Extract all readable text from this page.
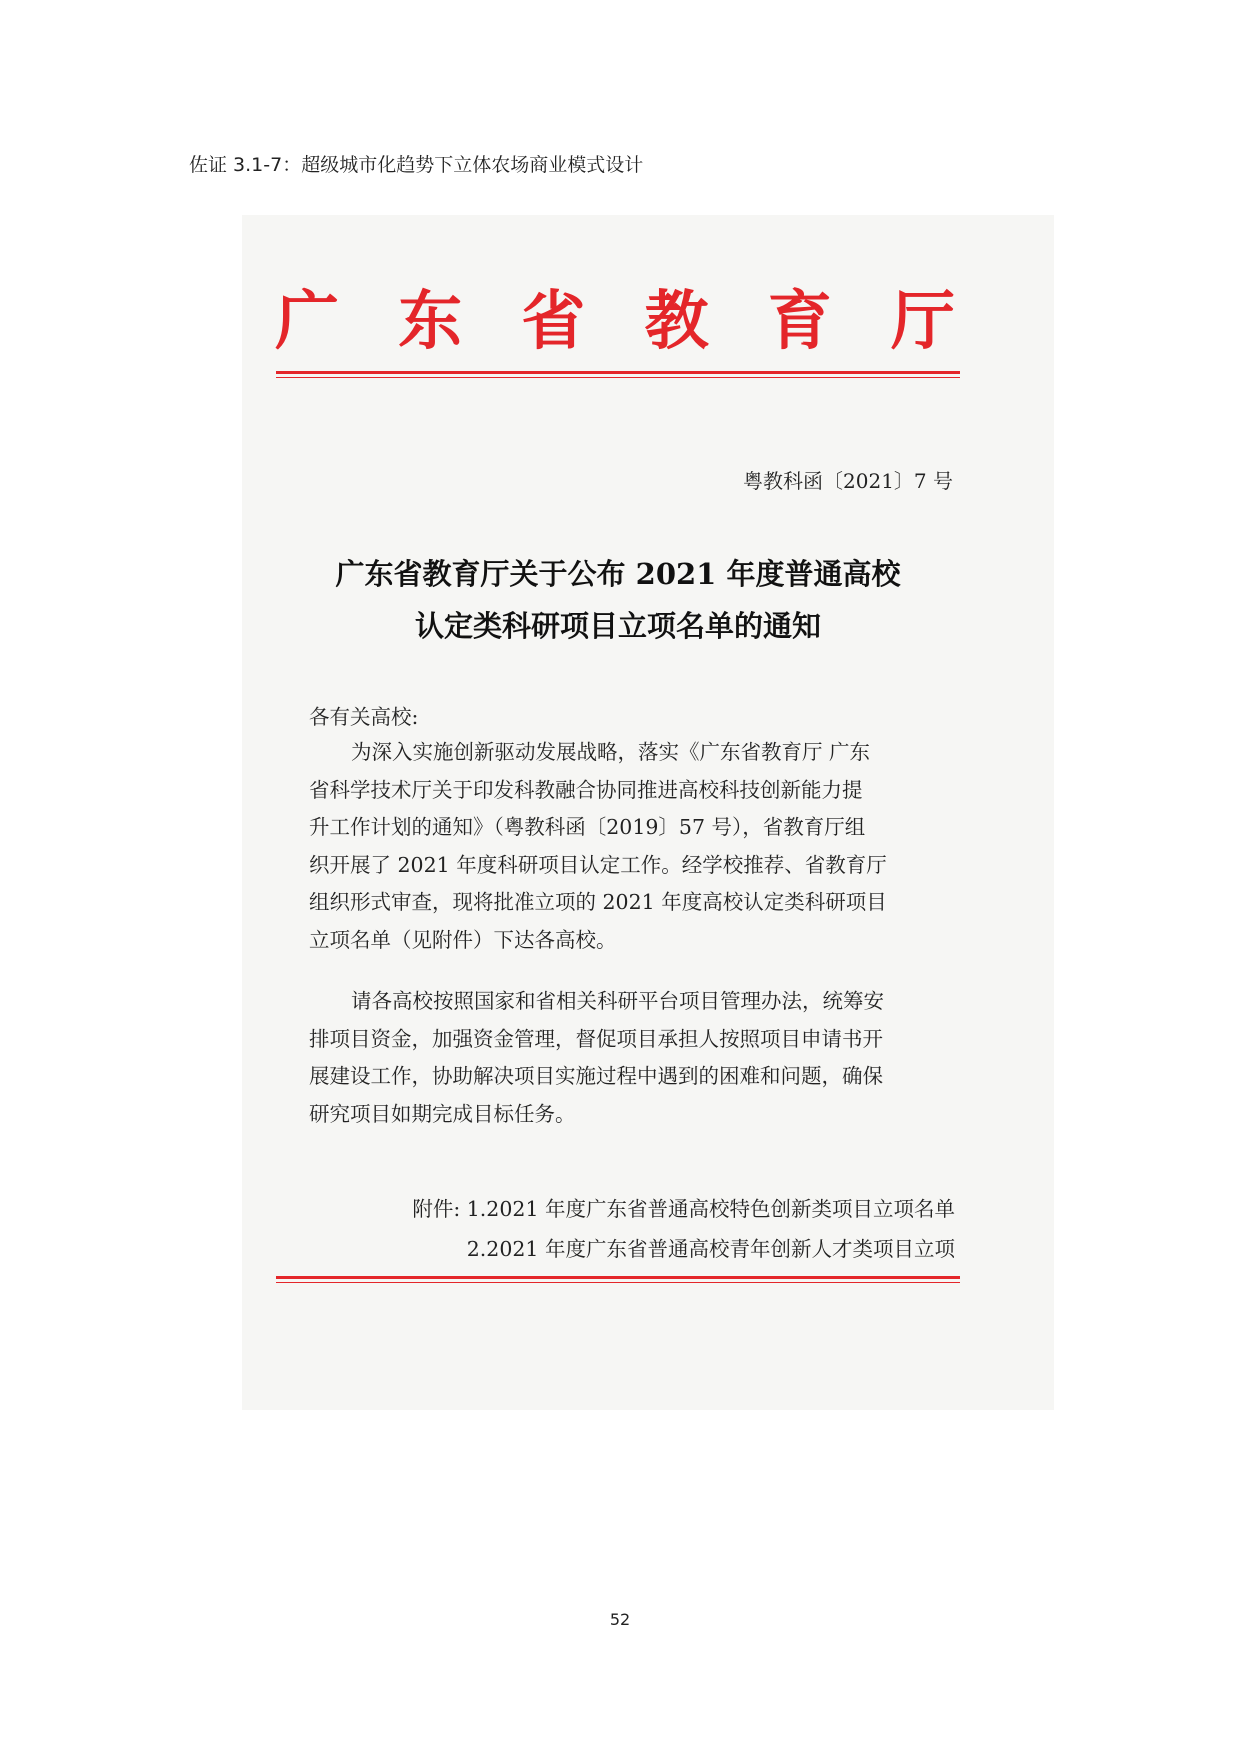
佐证 3.1-7：超级城市化趋势下立体农场商业模式设计
广 东 省 教 育 厅
粤教科函〔2021〕7 号
广东省教育厅关于公布 2021 年度普通高校
认定类科研项目立项名单的通知
各有关高校:
为深入实施创新驱动发展战略，落实《广东省教育厅 广东
省科学技术厅关于印发科教融合协同推进高校科技创新能力提
升工作计划的通知》（粤教科函〔2019〕57 号），省教育厅组
织开展了 2021 年度科研项目认定工作。经学校推荐、省教育厅
组织形式审查，现将批准立项的 2021 年度高校认定类科研项目
立项名单（见附件）下达各高校。
请各高校按照国家和省相关科研平台项目管理办法，统筹安
排项目资金，加强资金管理，督促项目承担人按照项目申请书开
展建设工作，协助解决项目实施过程中遇到的困难和问题，确保
研究项目如期完成目标任务。
附件: 1.2021 年度广东省普通高校特色创新类项目立项名单
2.2021 年度广东省普通高校青年创新人才类项目立项
52
